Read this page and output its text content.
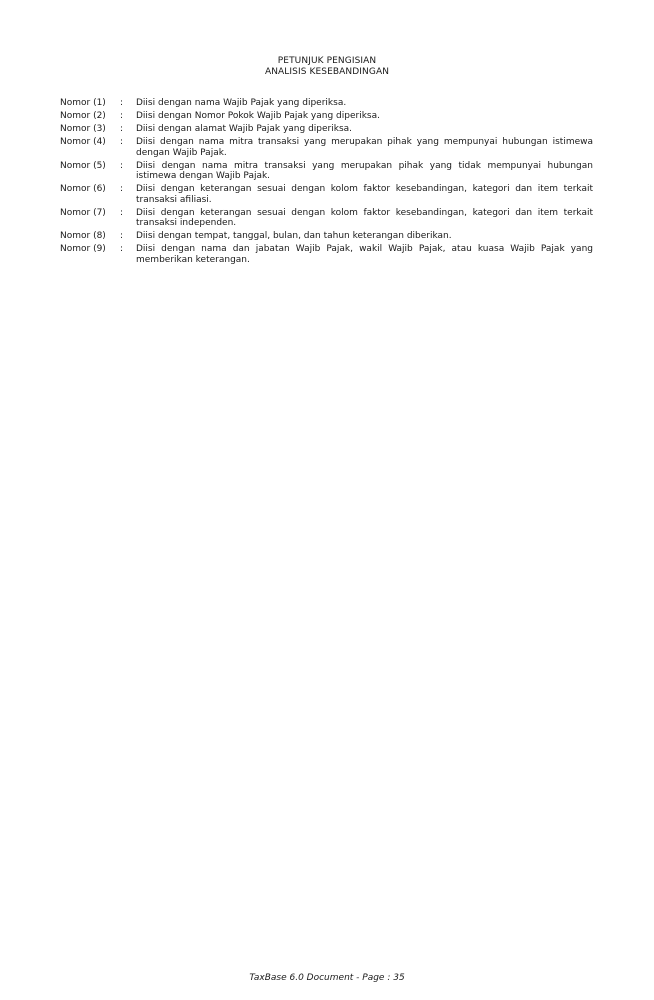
PETUNJUK PENGISIAN
ANALISIS KESEBANDINGAN
Nomor (1)	:	Diisi dengan nama Wajib Pajak yang diperiksa.
Nomor (2)	:	Diisi dengan Nomor Pokok Wajib Pajak yang diperiksa.
Nomor (3)	:	Diisi dengan alamat Wajib Pajak yang diperiksa.
Nomor (4)	:	Diisi dengan nama mitra transaksi yang merupakan pihak yang mempunyai hubungan istimewa dengan Wajib Pajak.
Nomor (5)	:	Diisi dengan nama mitra transaksi yang merupakan pihak yang tidak mempunyai hubungan istimewa dengan Wajib Pajak.
Nomor (6)	:	Diisi dengan keterangan sesuai dengan kolom faktor kesebandingan, kategori dan item terkait transaksi afiliasi.
Nomor (7)	:	Diisi dengan keterangan sesuai dengan kolom faktor kesebandingan, kategori dan item terkait transaksi independen.
Nomor (8)	:	Diisi dengan tempat, tanggal, bulan, dan tahun keterangan diberikan.
Nomor (9)	:	Diisi dengan nama dan jabatan Wajib Pajak, wakil Wajib Pajak, atau kuasa Wajib Pajak yang memberikan keterangan.
TaxBase 6.0 Document - Page : 35
